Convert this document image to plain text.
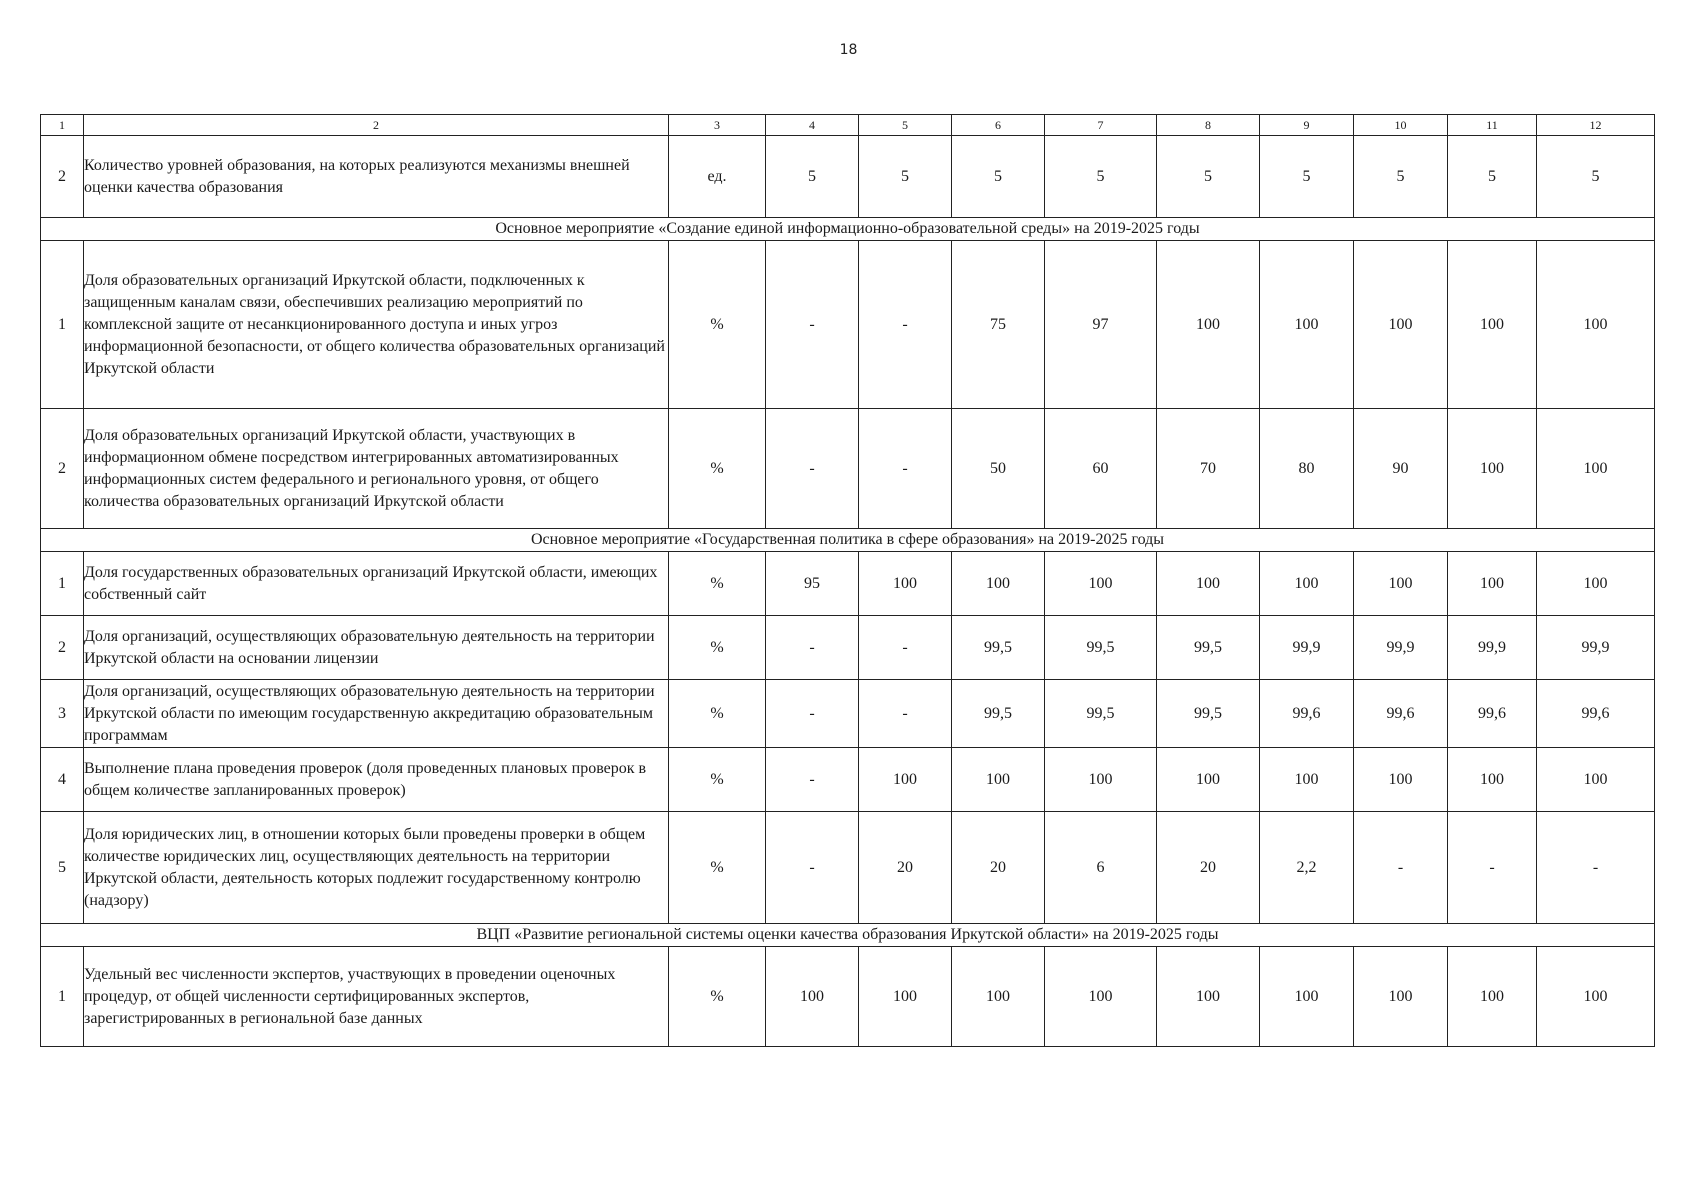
18
1	2	3	4	5	6	7	8	9	10	11	12
2	Количество уровней образования, на которых реализуются механизмы внешней оценки качества образования	ед.	5	5	5	5	5	5	5	5	5
Основное мероприятие «Создание единой информационно-образовательной среды» на 2019-2025 годы											
1	Доля образовательных организаций Иркутской области, подключенных к защищенным каналам связи, обеспечивших реализацию мероприятий по комплексной защите от несанкционированного доступа и иных угроз информационной безопасности, от общего количества образовательных организаций Иркутской области	%	-	-	75	97	100	100	100	100	100
2	Доля образовательных организаций Иркутской области, участвующих в информационном обмене посредством интегрированных автоматизированных информационных систем федерального и регионального уровня, от общего количества образовательных организаций Иркутской области	%	-	-	50	60	70	80	90	100	100
Основное мероприятие «Государственная политика в сфере образования» на 2019-2025 годы											
1	Доля государственных образовательных организаций Иркутской области, имеющих собственный сайт	%	95	100	100	100	100	100	100	100	100
2	Доля организаций, осуществляющих образовательную деятельность на территории Иркутской области на основании лицензии	%	-	-	99,5	99,5	99,5	99,9	99,9	99,9	99,9
3	Доля организаций, осуществляющих образовательную деятельность на территории Иркутской области по имеющим государственную аккредитацию образовательным программам	%	-	-	99,5	99,5	99,5	99,6	99,6	99,6	99,6
4	Выполнение плана проведения проверок (доля проведенных плановых проверок в общем количестве запланированных проверок)	%	-	100	100	100	100	100	100	100	100
5	Доля юридических лиц, в отношении которых были проведены проверки в общем количестве юридических лиц, осуществляющих деятельность на территории Иркутской области, деятельность которых подлежит государственному контролю (надзору)	%	-	20	20	6	20	2,2	-	-	-
ВЦП «Развитие региональной системы оценки качества образования Иркутской области» на 2019-2025 годы											
1	Удельный вес численности экспертов, участвующих в проведении оценочных процедур, от общей численности сертифицированных экспертов, зарегистрированных в региональной базе данных	%	100	100	100	100	100	100	100	100	100
